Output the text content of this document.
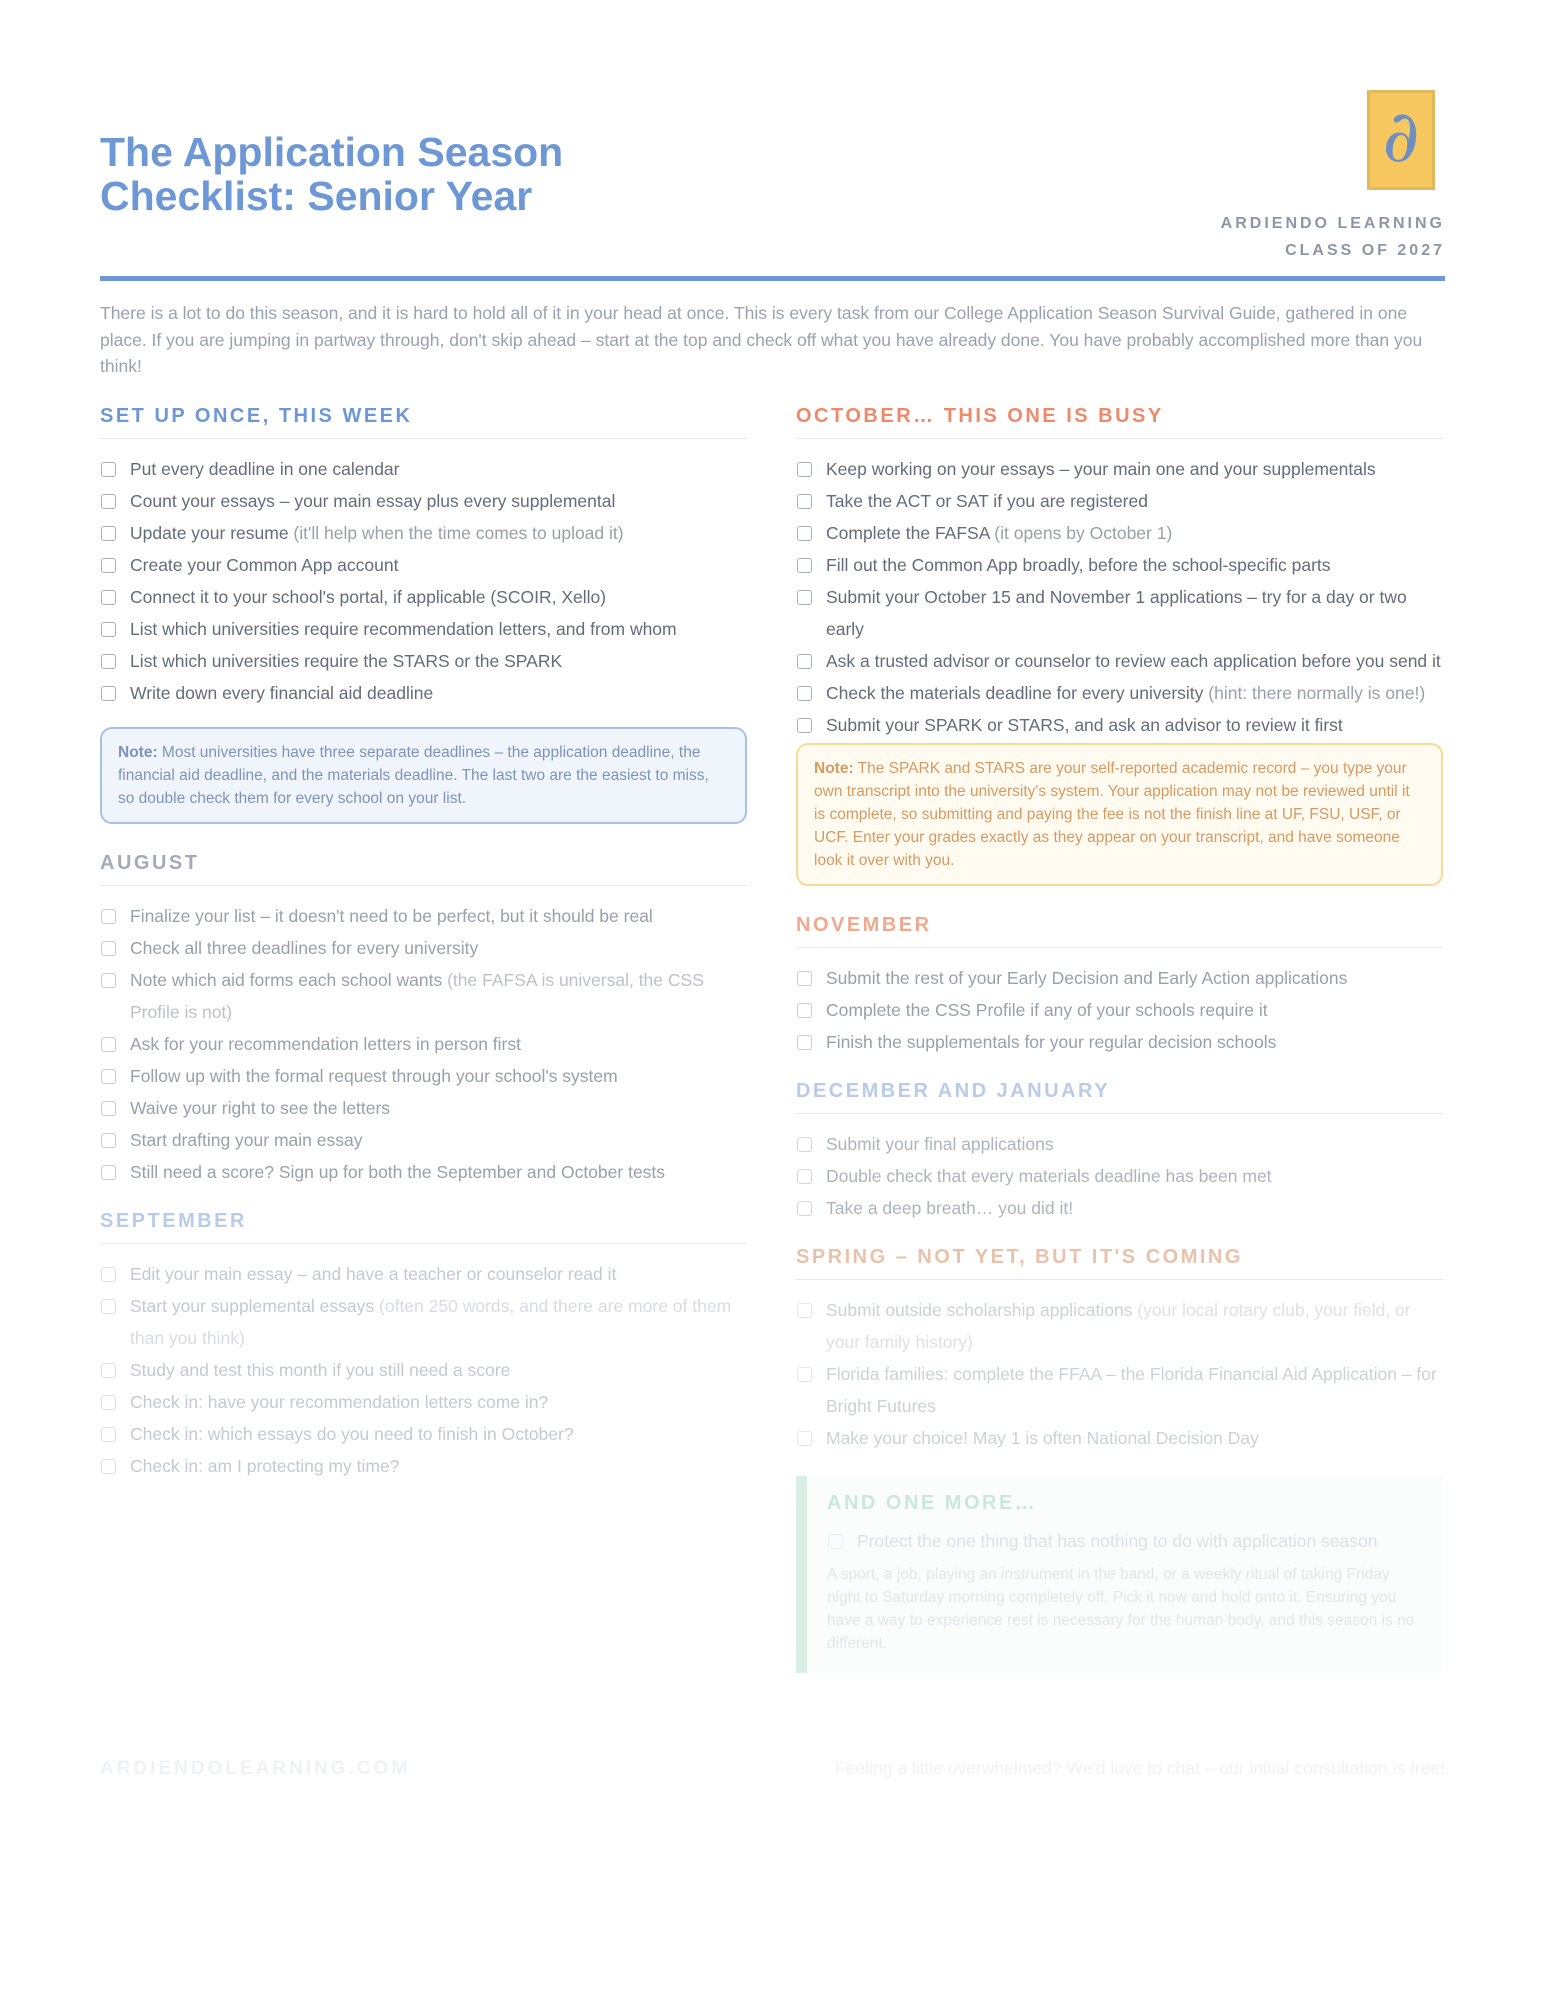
The Application Season
Checklist: Senior Year
∂
ARDIENDO LEARNING
CLASS OF 2027

There is a lot to do this season, and it is hard to hold all of it in your head at once. This is every task from our College Application Season Survival Guide, gathered in one place. If you are jumping in partway through, don't skip ahead – start at the top and check off what you have already done. You have probably accomplished more than you think!

SET UP ONCE, THIS WEEK
Put every deadline in one calendar
Count your essays – your main essay plus every supplemental
Update your resume (it'll help when the time comes to upload it)
Create your Common App account
Connect it to your school's portal, if applicable (SCOIR, Xello)
List which universities require recommendation letters, and from whom
List which universities require the STARS or the SPARK
Write down every financial aid deadline
Note: Most universities have three separate deadlines – the application deadline, the financial aid deadline, and the materials deadline. The last two are the easiest to miss, so double check them for every school on your list.
AUGUST
Finalize your list – it doesn't need to be perfect, but it should be real
Check all three deadlines for every university
Note which aid forms each school wants (the FAFSA is universal, the CSS Profile is not)
Ask for your recommendation letters in person first
Follow up with the formal request through your school's system
Waive your right to see the letters
Start drafting your main essay
Still need a score? Sign up for both the September and October tests
SEPTEMBER
Edit your main essay – and have a teacher or counselor read it
Start your supplemental essays (often 250 words, and there are more of them than you think)
Study and test this month if you still need a score
Check in: have your recommendation letters come in?
Check in: which essays do you need to finish in October?
Check in: am I protecting my time?
OCTOBER… THIS ONE IS BUSY
Keep working on your essays – your main one and your supplementals
Take the ACT or SAT if you are registered
Complete the FAFSA (it opens by October 1)
Fill out the Common App broadly, before the school-specific parts
Submit your October 15 and November 1 applications – try for a day or two early
Ask a trusted advisor or counselor to review each application before you send it
Check the materials deadline for every university (hint: there normally is one!)
Submit your SPARK or STARS, and ask an advisor to review it first
Note: The SPARK and STARS are your self-reported academic record – you type your own transcript into the university's system. Your application may not be reviewed until it is complete, so submitting and paying the fee is not the finish line at UF, FSU, USF, or UCF. Enter your grades exactly as they appear on your transcript, and have someone look it over with you.
NOVEMBER
Submit the rest of your Early Decision and Early Action applications
Complete the CSS Profile if any of your schools require it
Finish the supplementals for your regular decision schools
DECEMBER AND JANUARY
Submit your final applications
Double check that every materials deadline has been met
Take a deep breath… you did it!
SPRING – NOT YET, BUT IT'S COMING
Submit outside scholarship applications (your local rotary club, your field, or your family history)
Florida families: complete the FFAA – the Florida Financial Aid Application – for Bright Futures
Make your choice! May 1 is often National Decision Day
AND ONE MORE…
Protect the one thing that has nothing to do with application season

A sport, a job, playing an instrument in the band, or a weekly ritual of taking Friday night to Saturday morning completely off. Pick it now and hold onto it. Ensuring you have a way to experience rest is necessary for the human body, and this season is no different.

ARDIENDOLEARNING.COM	Feeling a little overwhelmed? We'd love to chat – our initial consultation is free!
